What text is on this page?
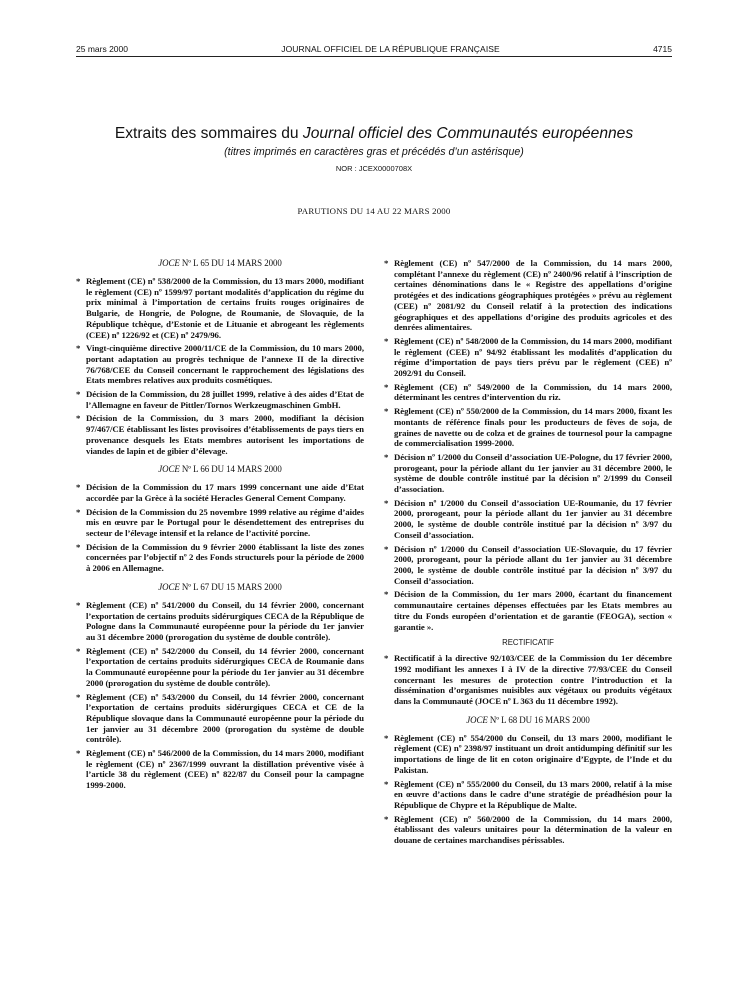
25 mars 2000	JOURNAL OFFICIEL DE LA RÉPUBLIQUE FRANÇAISE	4715
Extraits des sommaires du Journal officiel des Communautés européennes
(titres imprimés en caractères gras et précédés d’un astérisque)
NOR : JCEX0000708X
PARUTIONS DU 14 AU 22 MARS 2000
JOCE Nº L 65 DU 14 MARS 2000
* Règlement (CE) nº 538/2000 de la Commission, du 13 mars 2000, modifiant le règlement (CE) nº 1599/97 portant modalités d’application du régime du prix minimal à l’importation de certains fruits rouges originaires de Bulgarie, de Hongrie, de Pologne, de Roumanie, de Slovaquie, de la République tchèque, d’Estonie et de Lituanie et abrogeant les règlements (CEE) nº 1226/92 et (CE) nº 2479/96.
* Vingt-cinquième directive 2000/11/CE de la Commission, du 10 mars 2000, portant adaptation au progrès technique de l’annexe II de la directive 76/768/CEE du Conseil concernant le rapprochement des législations des Etats membres relatives aux produits cosmétiques.
* Décision de la Commission, du 28 juillet 1999, relative à des aides d’Etat de l’Allemagne en faveur de Pittler/Tornos Werkzeugmaschinen GmbH.
* Décision de la Commission, du 3 mars 2000, modifiant la décision 97/467/CE établissant les listes provisoires d’établissements de pays tiers en provenance desquels les Etats membres autorisent les importations de viandes de lapin et de gibier d’élevage.
JOCE Nº L 66 DU 14 MARS 2000
* Décision de la Commission du 17 mars 1999 concernant une aide d’Etat accordée par la Grèce à la société Heracles General Cement Company.
* Décision de la Commission du 25 novembre 1999 relative au régime d’aides mis en œuvre par le Portugal pour le désendettement des entreprises du secteur de l’élevage intensif et la relance de l’activité porcine.
* Décision de la Commission du 9 février 2000 établissant la liste des zones concernées par l’objectif nº 2 des Fonds structurels pour la période de 2000 à 2006 en Allemagne.
JOCE Nº L 67 DU 15 MARS 2000
* Règlement (CE) nº 541/2000 du Conseil, du 14 février 2000, concernant l’exportation de certains produits sidérurgiques CECA de la République de Pologne dans la Communauté européenne pour la période du 1er janvier au 31 décembre 2000 (prorogation du système de double contrôle).
* Règlement (CE) nº 542/2000 du Conseil, du 14 février 2000, concernant l’exportation de certains produits sidérurgiques CECA de Roumanie dans la Communauté européenne pour la période du 1er janvier au 31 décembre 2000 (prorogation du système de double contrôle).
* Règlement (CE) nº 543/2000 du Conseil, du 14 février 2000, concernant l’exportation de certains produits sidérurgiques CECA et CE de la République slovaque dans la Communauté européenne pour la période du 1er janvier au 31 décembre 2000 (prorogation du système de double contrôle).
* Règlement (CE) nº 546/2000 de la Commission, du 14 mars 2000, modifiant le règlement (CE) nº 2367/1999 ouvrant la distillation préventive visée à l’article 38 du règlement (CEE) nº 822/87 du Conseil pour la campagne 1999-2000.
* Règlement (CE) nº 547/2000 de la Commission, du 14 mars 2000, complétant l’annexe du règlement (CE) nº 2400/96 relatif à l’inscription de certaines dénominations dans le « Registre des appellations d’origine protégées et des indications géographiques protégées » prévu au règlement (CEE) nº 2081/92 du Conseil relatif à la protection des indications géographiques et des appellations d’origine des produits agricoles et des denrées alimentaires.
* Règlement (CE) nº 548/2000 de la Commission, du 14 mars 2000, modifiant le règlement (CEE) nº 94/92 établissant les modalités d’application du régime d’importation de pays tiers prévu par le règlement (CEE) nº 2092/91 du Conseil.
* Règlement (CE) nº 549/2000 de la Commission, du 14 mars 2000, déterminant les centres d’intervention du riz.
* Règlement (CE) nº 550/2000 de la Commission, du 14 mars 2000, fixant les montants de référence finals pour les producteurs de fèves de soja, de graines de navette ou de colza et de graines de tournesol pour la campagne de commercialisation 1999-2000.
* Décision nº 1/2000 du Conseil d’association UE-Pologne, du 17 février 2000, prorogeant, pour la période allant du 1er janvier au 31 décembre 2000, le système de double contrôle institué par la décision nº 2/1999 du Conseil d’association.
* Décision nº 1/2000 du Conseil d’association UE-Roumanie, du 17 février 2000, prorogeant, pour la période allant du 1er janvier au 31 décembre 2000, le système de double contrôle institué par la décision nº 3/97 du Conseil d’association.
* Décision nº 1/2000 du Conseil d’association UE-Slovaquie, du 17 février 2000, prorogeant, pour la période allant du 1er janvier au 31 décembre 2000, le système de double contrôle institué par la décision nº 3/97 du Conseil d’association.
* Décision de la Commission, du 1er mars 2000, écartant du financement communautaire certaines dépenses effectuées par les Etats membres au titre du Fonds européen d’orientation et de garantie (FEOGA), section « garantie ».
RECTIFICATIF
* Rectificatif à la directive 92/103/CEE de la Commission du 1er décembre 1992 modifiant les annexes I à IV de la directive 77/93/CEE du Conseil concernant les mesures de protection contre l’introduction et la dissémination d’organismes nuisibles aux végétaux ou produits végétaux dans la Communauté (JOCE nº L 363 du 11 décembre 1992).
JOCE Nº L 68 DU 16 MARS 2000
* Règlement (CE) nº 554/2000 du Conseil, du 13 mars 2000, modifiant le règlement (CE) nº 2398/97 instituant un droit antidumping définitif sur les importations de linge de lit en coton originaire d’Egypte, de l’Inde et du Pakistan.
* Règlement (CE) nº 555/2000 du Conseil, du 13 mars 2000, relatif à la mise en œuvre d’actions dans le cadre d’une stratégie de préadhésion pour la République de Chypre et la République de Malte.
* Règlement (CE) nº 560/2000 de la Commission, du 14 mars 2000, établissant des valeurs unitaires pour la détermination de la valeur en douane de certaines marchandises périssables.
